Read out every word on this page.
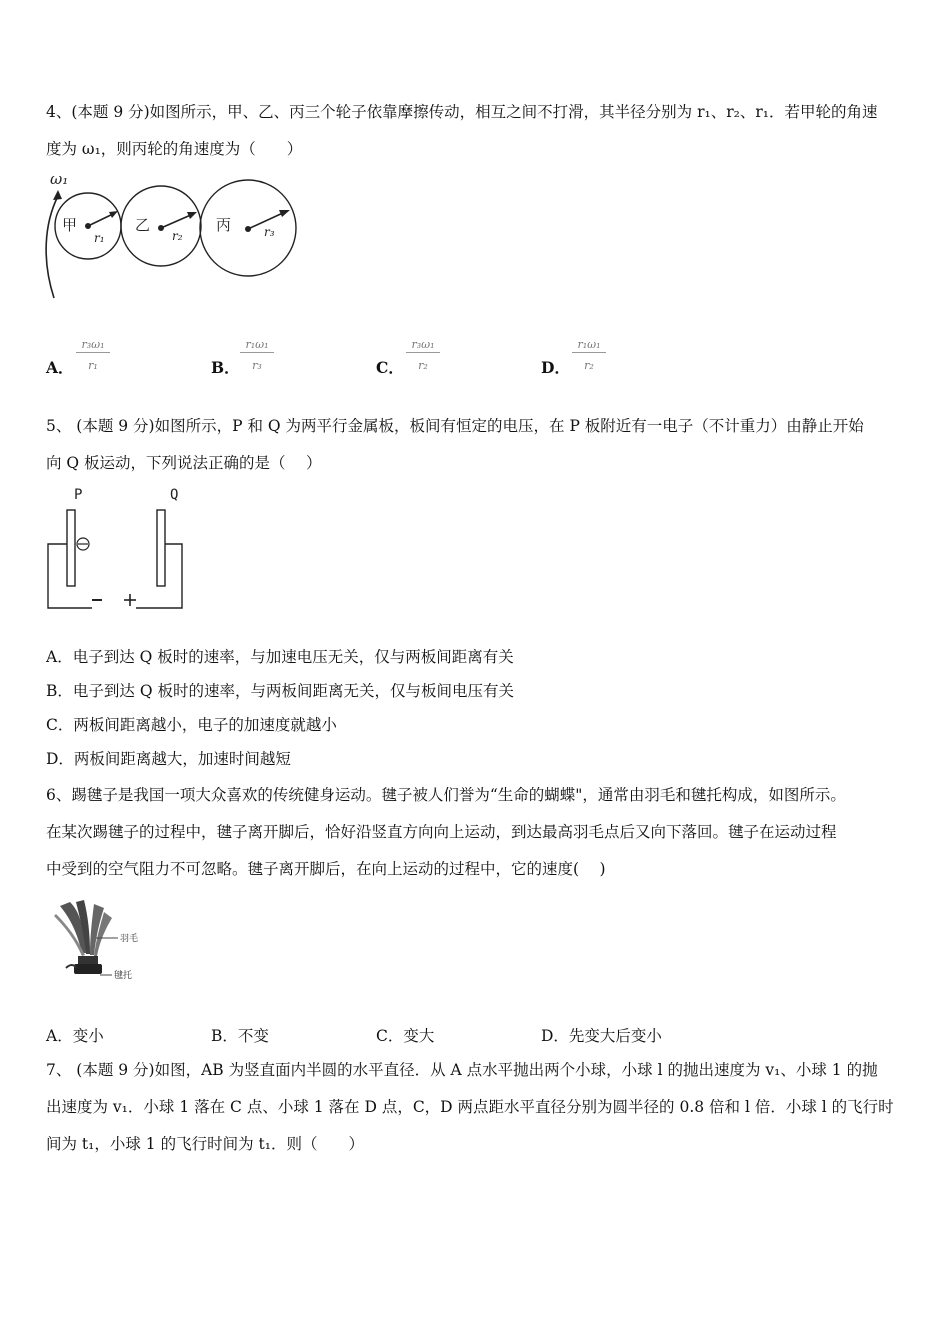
4、(本题 9 分)如图所示，甲、乙、丙三个轮子依靠摩擦传动，相互之间不打滑，其半径分别为 r₁、r₂、r₁．若甲轮的角速
度为 ω₁，则丙轮的角速度为（　　）
ω₁
甲
r₁
乙
r₂
丙	r₃
A． $\frac{\text{r₃ω₁}}{\text{r₁}}$	B． $\frac{\text{r₁ω₁}}{\text{r₃}}$	C． $\frac{\text{r₃ω₁}}{\text{r₂}}$	D． $\frac{\text{r₁ω₁}}{\text{r₂}}$
5、 (本题 9 分)如图所示，P 和 Q 为两平行金属板，板间有恒定的电压，在 P 板附近有一电子（不计重力）由静止开始
向 Q 板运动，下列说法正确的是（　 ）
P	Q
A．电子到达 Q 板时的速率，与加速电压无关，仅与两板间距离有关
B．电子到达 Q 板时的速率，与两板间距离无关，仅与板间电压有关
C．两板间距离越小，电子的加速度就越小
D．两板间距离越大，加速时间越短
6、踢毽子是我国一项大众喜欢的传统健身运动。毽子被人们誉为“生命的蝴蝶"，通常由羽毛和毽托构成，如图所示。
在某次踢毽子的过程中，毽子离开脚后，恰好沿竖直方向向上运动，到达最高羽毛点后又向下落回。毽子在运动过程
中受到的空气阻力不可忽略。毽子离开脚后，在向上运动的过程中，它的速度(　 )
羽毛
毽托
A．变小	B．不变	C．变大	D．先变大后变小
7、 (本题 9 分)如图，AB 为竖直面内半圆的水平直径．从 A 点水平抛出两个小球，小球 l 的抛出速度为 v₁、小球 1 的抛
出速度为 v₁．小球 1 落在 C 点、小球 1 落在 D 点，C，D 两点距水平直径分别为圆半径的 0.8 倍和 l 倍．小球 l 的飞行时
间为 t₁，小球 1 的飞行时间为 t₁．则（　　）
